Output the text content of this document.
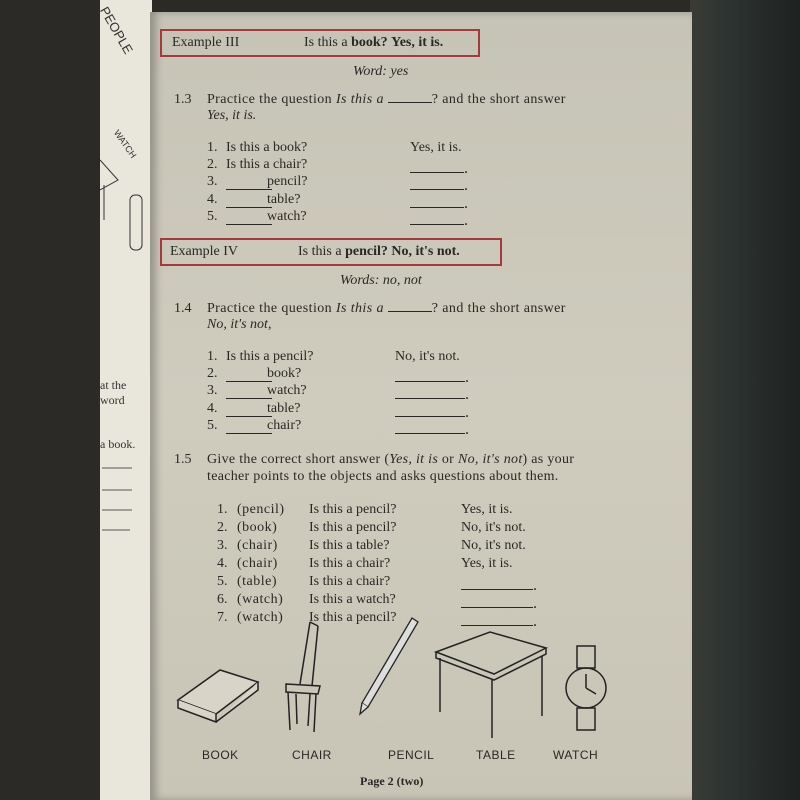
PEOPLE
WATCH
at the word
a book.
Example III	Is this a book? Yes, it is.
Word: yes
1.3 Practice the question Is this a	? and the short answer
Yes, it is.
1. Is this a book?	Yes, it is.
2. Is this a chair?	.
3.	pencil?	.
4.	table?	.
5.	watch?	.
Example IV	Is this a pencil? No, it's not.
Words: no, not
1.4 Practice the question Is this a	? and the short answer
No, it's not,
1. Is this a pencil?	No, it's not.
2.	book?	.
3.	watch?	.
4.	table?	.
5.	chair?	.
1.5 Give the correct short answer (Yes, it is or No, it's not) as your
teacher points to the objects and asks questions about them.
1. (pencil) Is this a pencil?	Yes, it is.
2. (book) Is this a pencil?	No, it's not.
3. (chair) Is this a table?	No, it's not.
4. (chair) Is this a chair?	Yes, it is.
5. (table) Is this a chair?	.
6. (watch) Is this a watch?	.
7. (watch) Is this a pencil?	.
BOOK	CHAIR	PENCIL	TABLE	WATCH
Page 2 (two)
